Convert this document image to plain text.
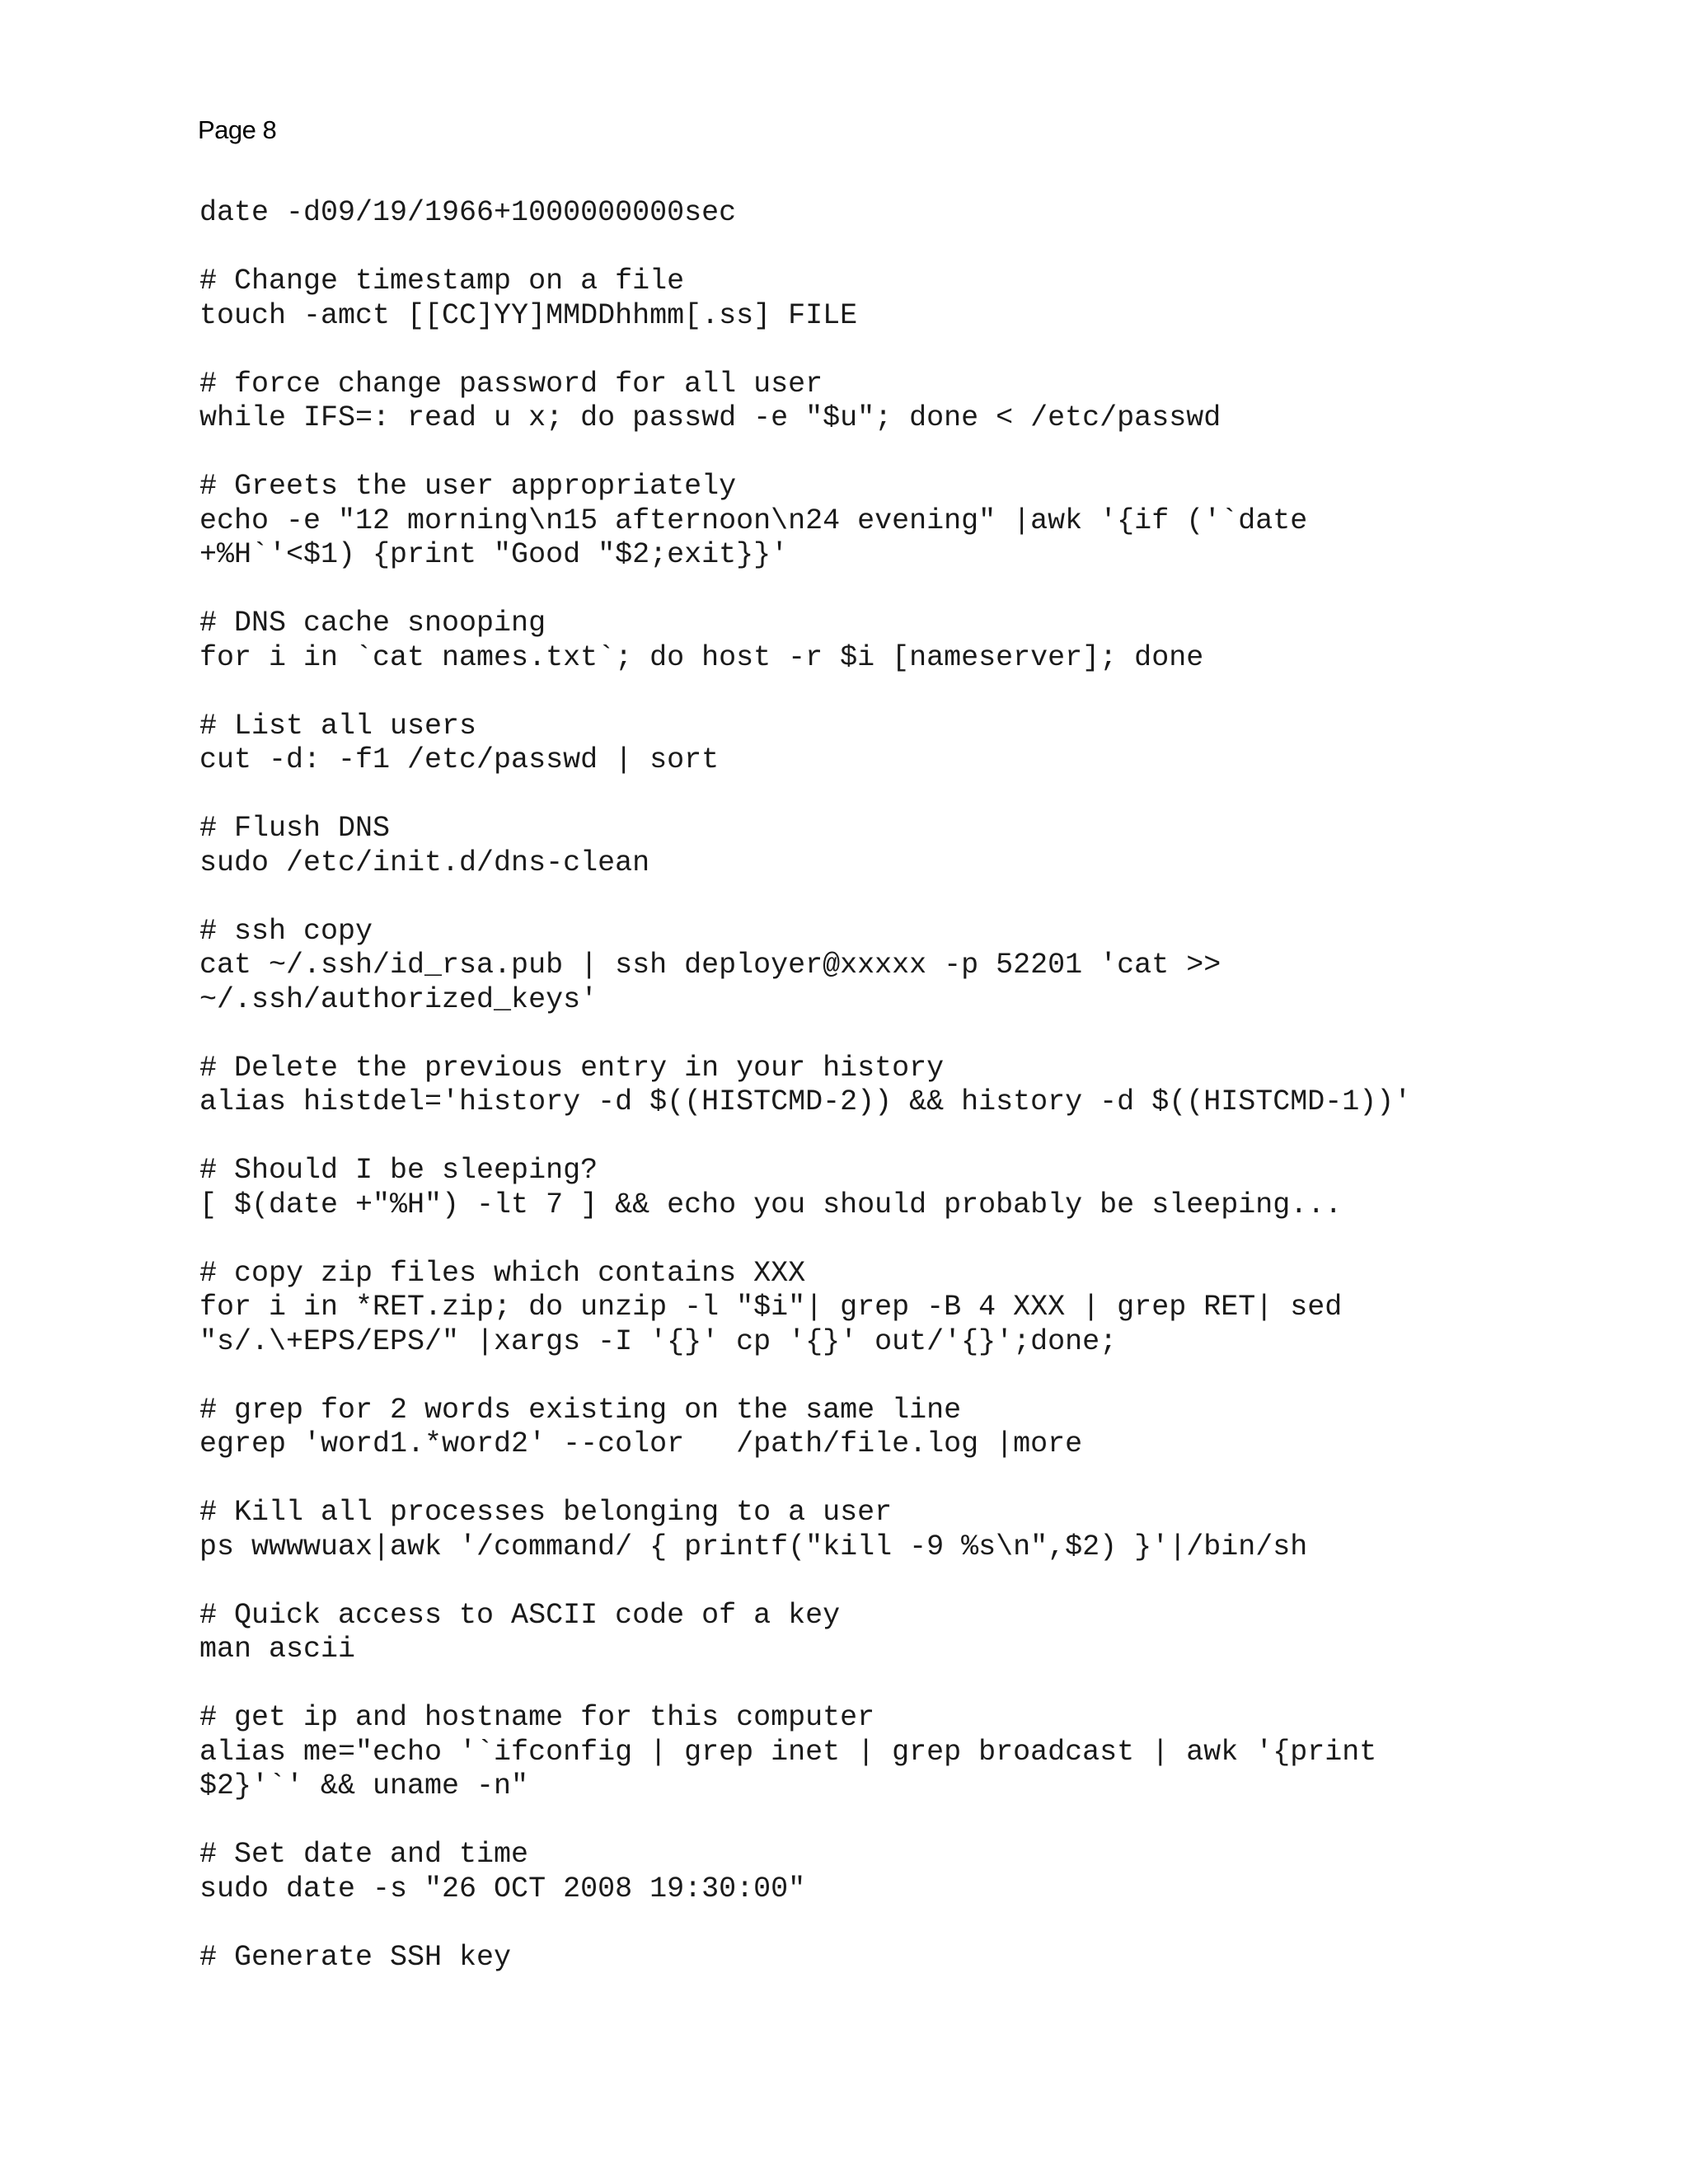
Page 8
date -d09/19/1966+1000000000sec
# Change timestamp on a file
touch -amct [[CC]YY]MMDDhhmm[.ss] FILE
# force change password for all user
while IFS=: read u x; do passwd -e "$u"; done < /etc/passwd
# Greets the user appropriately
echo -e "12 morning\n15 afternoon\n24 evening" |awk '{if ('`date
+%H`'<$1) {print "Good "$2;exit}}'
# DNS cache snooping
for i in `cat names.txt`; do host -r $i [nameserver]; done
# List all users
cut -d: -f1 /etc/passwd | sort
# Flush DNS
sudo /etc/init.d/dns-clean
# ssh copy
cat ~/.ssh/id_rsa.pub | ssh deployer@xxxxx -p 52201 'cat >>
~/.ssh/authorized_keys'
# Delete the previous entry in your history
alias histdel='history -d $((HISTCMD-2)) && history -d $((HISTCMD-1))'
# Should I be sleeping?
[ $(date +"%H") -lt 7 ] && echo you should probably be sleeping...
# copy zip files which contains XXX
for i in *RET.zip; do unzip -l "$i"| grep -B 4 XXX | grep RET| sed
"s/.\+EPS/EPS/" |xargs -I '{}' cp '{}' out/'{}';done;
# grep for 2 words existing on the same line
egrep 'word1.*word2' --color   /path/file.log |more
# Kill all processes belonging to a user
ps wwwwuax|awk '/command/ { printf("kill -9 %s\n",$2) }'|/bin/sh
# Quick access to ASCII code of a key
man ascii
# get ip and hostname for this computer
alias me="echo '`ifconfig | grep inet | grep broadcast | awk '{print
$2}'`' && uname -n"
# Set date and time
sudo date -s "26 OCT 2008 19:30:00"
# Generate SSH key
